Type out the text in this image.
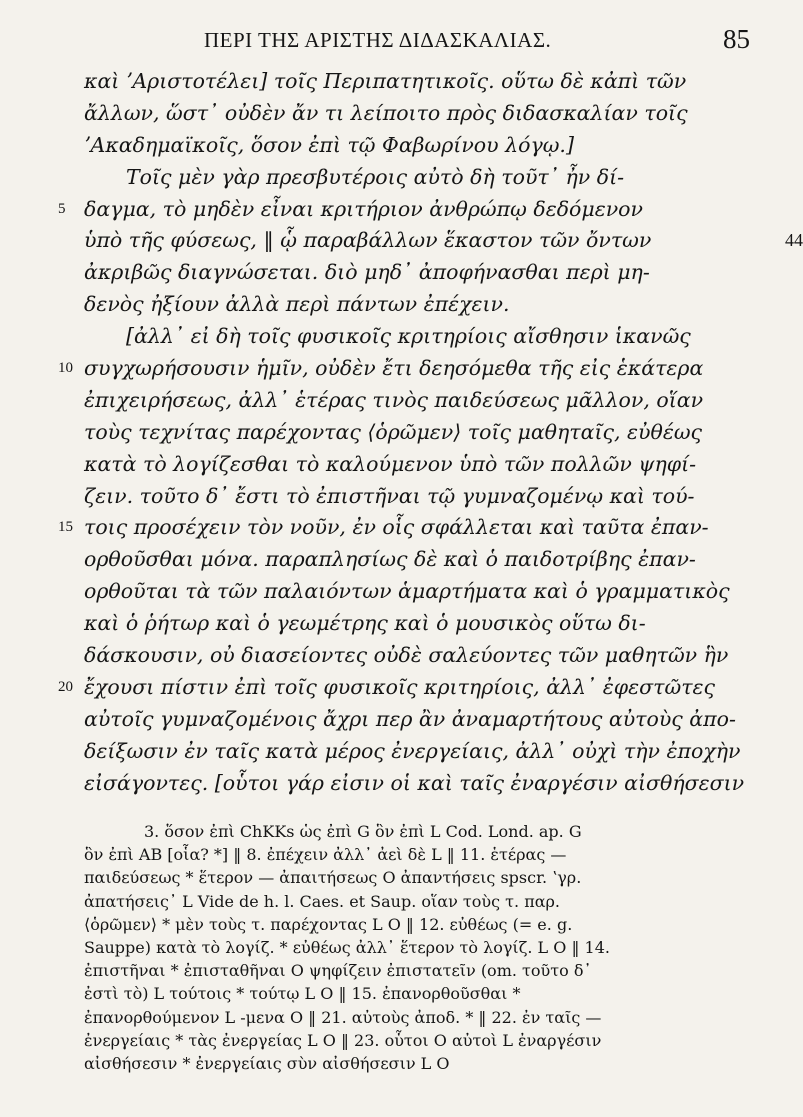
ΠΕΡΙ ΤΗΣ ΑΡΙΣΤΗΣ ΔΙΔΑΣΚΑΛΙΑΣ.	85
καὶ ʼΑριστοτέλει] τοῖς Περιπατητικοῖς. οὕτω δὲ κἀπὶ τῶν
ἄλλων, ὥστ᾽ οὐδὲν ἄν τι λείποιτο πρὸς διδασκαλίαν τοῖς
ʼΑκαδημαϊκοῖς, ὅσον ἐπὶ τῷ Φαβωρίνου λόγῳ.]
Τοῖς μὲν γὰρ πρεσβυτέροις αὐτὸ δὴ τοῦτ᾽ ἦν δί-
5 δαγμα, τὸ μηδὲν εἶναι κριτήριον ἀνθρώπῳ δεδόμενον
ὑπὸ τῆς φύσεως, ‖ ᾧ παραβάλλων ἕκαστον τῶν ὄντων	44
ἀκριβῶς διαγνώσεται. διὸ μηδ᾽ ἀποφήνασθαι περὶ μη-
δενὸς ἠξίουν ἀλλὰ περὶ πάντων ἐπέχειν.
[ἀλλ᾽ εἰ δὴ τοῖς φυσικοῖς κριτηρίοις αἴσθησιν ἱκανῶς
10 συγχωρήσουσιν ἡμῖν, οὐδὲν ἔτι δεησόμεθα τῆς εἰς ἑκάτερα
ἐπιχειρήσεως, ἀλλ᾽ ἑτέρας τινὸς παιδεύσεως μᾶλλον, οἵαν
τοὺς τεχνίτας παρέχοντας ⟨ὁρῶμεν⟩ τοῖς μαθηταῖς, εὐθέως
κατὰ τὸ λογίζεσθαι τὸ καλούμενον ὑπὸ τῶν πολλῶν ψηφί-
ζειν. τοῦτο δ᾽ ἔστι τὸ ἐπιστῆναι τῷ γυμναζομένῳ καὶ τού-
15 τοις προσέχειν τὸν νοῦν, ἐν οἷς σφάλλεται καὶ ταῦτα ἐπαν-
ορθοῦσθαι μόνα. παραπλησίως δὲ καὶ ὁ παιδοτρίβης ἐπαν-
ορθοῦται τὰ τῶν παλαιόντων ἁμαρτήματα καὶ ὁ γραμματικὸς
καὶ ὁ ῥήτωρ καὶ ὁ γεωμέτρης καὶ ὁ μουσικὸς οὕτω δι-
δάσκουσιν, οὐ διασείοντες οὐδὲ σαλεύοντες τῶν μαθητῶν ἣν
20 ἔχουσι πίστιν ἐπὶ τοῖς φυσικοῖς κριτηρίοις, ἀλλ᾽ ἐφεστῶτες
αὐτοῖς γυμναζομένοις ἄχρι περ ἂν ἀναμαρτήτους αὐτοὺς ἀπο-
δείξωσιν ἐν ταῖς κατὰ μέρος ἐνεργείαις, ἀλλ᾽ οὐχὶ τὴν ἐποχὴν
εἰσάγοντες. [οὗτοι γάρ εἰσιν οἱ καὶ ταῖς ἐναργέσιν αἰσθήσεσιν
3. ὅσον ἐπὶ ChKKs ὡς ἐπὶ G ὃν ἐπὶ L Cod. Lond. ap. G
ὃν ἐπὶ AB [οἷα? *] ‖ 8. ἐπέχειν ἀλλ᾽ ἀεὶ δὲ L ‖ 11. ἑτέρας —
παιδεύσεως * ἕτερον — ἀπαιτήσεως O ἀπαντήσεις spscr. ʽγρ.
ἀπατήσεις᾽ L Vide de h. l. Caes. et Saup. οἵαν τοὺς τ. παρ.
⟨ὁρῶμεν⟩ * μὲν τοὺς τ. παρέχοντας L O ‖ 12. εὐθέως (= e. g.
Sauppe) κατὰ τὸ λογίζ. * εὐθέως ἀλλ᾽ ἕτερον τὸ λογίζ. L O ‖ 14.
ἐπιστῆναι * ἐπισταθῆναι O ψηφίζειν ἐπιστατεῖν (om. τοῦτο δ᾽
ἐστὶ τὸ) L τούτοις * τούτῳ L O ‖ 15. ἐπανορθοῦσθαι *
ἐπανορθούμενον L -μενα O ‖ 21. αὐτοὺς ἀποδ. * ‖ 22. ἐν ταῖς —
ἐνεργείαις * τὰς ἐνεργείας L O ‖ 23. οὗτοι O αὐτοὶ L ἐναργέσιν
αἰσθήσεσιν * ἐνεργείαις σὺν αἰσθήσεσιν L O
